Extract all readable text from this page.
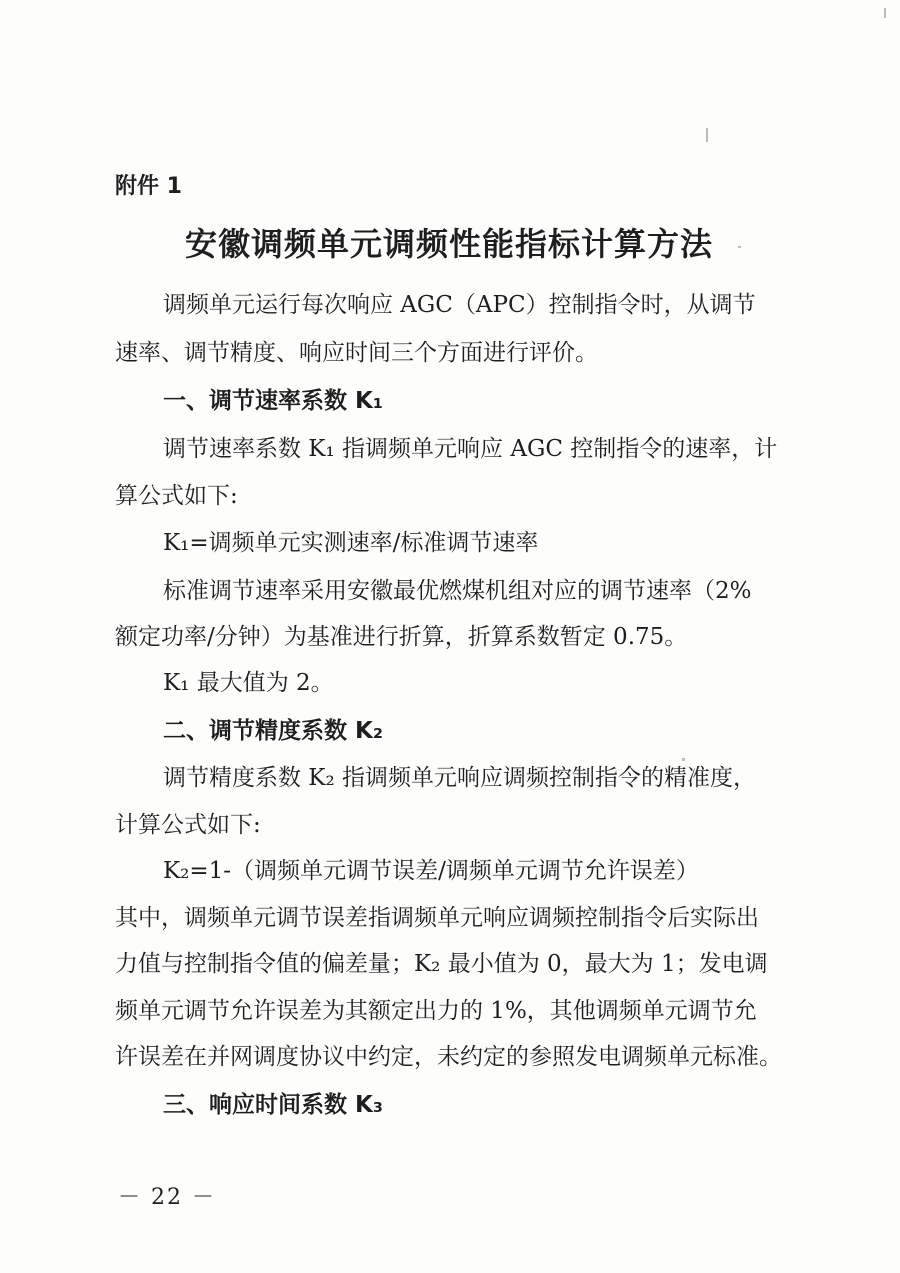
附件 1
安徽调频单元调频性能指标计算方法
调频单元运行每次响应 AGC（APC）控制指令时，从调节
速率、调节精度、响应时间三个方面进行评价。
一、调节速率系数 K₁
调节速率系数 K₁ 指调频单元响应 AGC 控制指令的速率，计
算公式如下:
K₁=调频单元实测速率/标准调节速率
标准调节速率采用安徽最优燃煤机组对应的调节速率（2%
额定功率/分钟）为基准进行折算，折算系数暂定 0.75。
K₁ 最大值为 2。
二、调节精度系数 K₂
调节精度系数 K₂ 指调频单元响应调频控制指令的精准度，
计算公式如下:
K₂=1-（调频单元调节误差/调频单元调节允许误差）
其中，调频单元调节误差指调频单元响应调频控制指令后实际出
力值与控制指令值的偏差量；K₂ 最小值为 0，最大为 1；发电调
频单元调节允许误差为其额定出力的 1%，其他调频单元调节允
许误差在并网调度协议中约定，未约定的参照发电调频单元标准。
三、响应时间系数 K₃
－ 22 －
